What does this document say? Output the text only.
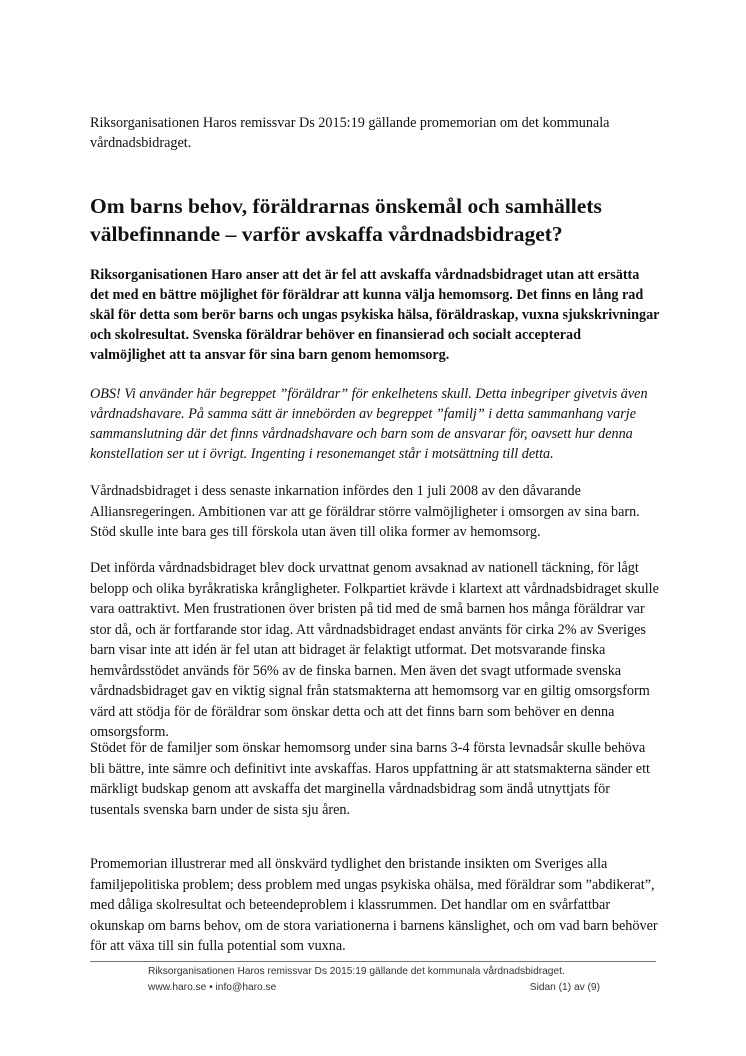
Riksorganisationen Haros remissvar Ds 2015:19 gällande promemorian om det kommunala vårdnadsbidraget.
Om barns behov, föräldrarnas önskemål och samhällets välbefinnande – varför avskaffa vårdnadsbidraget?
Riksorganisationen Haro anser att det är fel att avskaffa vårdnadsbidraget utan att ersätta det med en bättre möjlighet för föräldrar att kunna välja hemomsorg. Det finns en lång rad skäl för detta som berör barns och ungas psykiska hälsa, föräldraskap, vuxna sjukskrivningar och skolresultat. Svenska föräldrar behöver en finansierad och socialt accepterad valmöjlighet att ta ansvar för sina barn genom hemomsorg.
OBS! Vi använder här begreppet ”föräldrar” för enkelhetens skull. Detta inbegriper givetvis även vårdnadshavare. På samma sätt är innebörden av begreppet ”familj” i detta sammanhang varje sammanslutning där det finns vårdnadshavare och barn som de ansvarar för, oavsett hur denna konstellation ser ut i övrigt. Ingenting i resonemanget står i motsättning till detta.
Vårdnadsbidraget i dess senaste inkarnation infördes den 1 juli 2008 av den dåvarande Alliansregeringen. Ambitionen var att ge föräldrar större valmöjligheter i omsorgen av sina barn. Stöd skulle inte bara ges till förskola utan även till olika former av hemomsorg.
Det införda vårdnadsbidraget blev dock urvattnat genom avsaknad av nationell täckning, för lågt belopp och olika byråkratiska krångligheter. Folkpartiet krävde i klartext att vårdnadsbidraget skulle vara oattraktivt. Men frustrationen över bristen på tid med de små barnen hos många föräldrar var stor då, och är fortfarande stor idag. Att vårdnadsbidraget endast använts för cirka 2% av Sveriges barn visar inte att idén är fel utan att bidraget är felaktigt utformat. Det motsvarande finska hemvårdsstödet används för 56% av de finska barnen. Men även det svagt utformade svenska vårdnadsbidraget gav en viktig signal från statsmakterna att hemomsorg var en giltig omsorgsform värd att stödja för de föräldrar som önskar detta och att det finns barn som behöver en denna omsorgsform.
Stödet för de familjer som önskar hemomsorg under sina barns 3-4 första levnadsår skulle behöva bli bättre, inte sämre och definitivt inte avskaffas. Haros uppfattning är att statsmakterna sänder ett märkligt budskap genom att avskaffa det marginella vårdnadsbidrag som ändå utnyttjats för tusentals svenska barn under de sista sju åren.
Promemorian illustrerar med all önskvärd tydlighet den bristande insikten om Sveriges alla familjepolitiska problem; dess problem med ungas psykiska ohälsa, med föräldrar som ”abdikerat”, med dåliga skolresultat och beteendeproblem i klassrummen. Det handlar om en svårfattbar okunskap om barns behov, om de stora variationerna i barnens känslighet, och om vad barn behöver för att växa till sin fulla potential som vuxna.
Riksorganisationen Haros remissvar Ds 2015:19 gällande det kommunala vårdnadsbidraget.
www.haro.se • info@haro.se	Sidan (1) av (9)
